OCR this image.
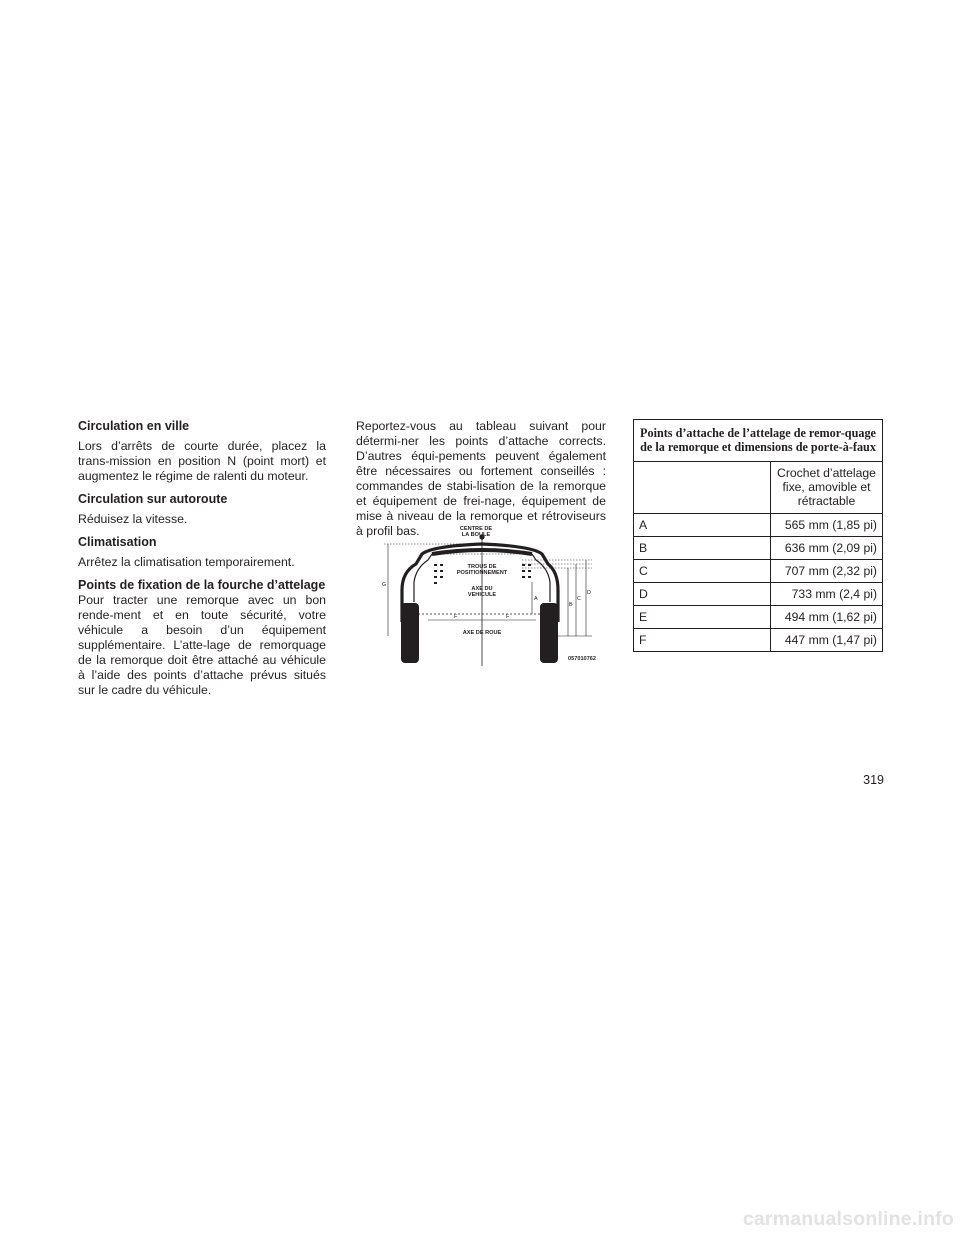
Circulation en ville

Lors d’arrêts de courte durée, placez la trans-mission en position N (point mort) et augmentez le régime de ralenti du moteur.

Circulation sur autoroute

Réduisez la vitesse.

Climatisation

Arrêtez la climatisation temporairement.

Points de fixation de la fourche d’attelage

Pour tracter une remorque avec un bon rende-ment et en toute sécurité, votre véhicule a besoin d’un équipement supplémentaire. L’atte-lage de remorquage de la remorque doit être attaché au véhicule à l’aide des points d’attache prévus situés sur le cadre du véhicule.

Reportez-vous au tableau suivant pour détermi-ner les points d’attache corrects. D’autres équi-pements peuvent également être nécessaires ou fortement conseillés : commandes de stabi-lisation de la remorque et équipement de frei-nage, équipement de mise à niveau de la remorque et rétroviseurs à profil bas.	CENTRE DE
LA BOULE
TROUS DE
POSITIONNEMENT
AXE DU
VEHICULE
AXE DE ROUE
G
A
B
C
D
F	F
057010762
Points d’attache de l’attelage de remor-quage de la remorque et dimensions de porte-à-faux	
	Crochet d’attelage fixe, amovible et rétractable
A	565 mm (1,85 pi)
B	636 mm (2,09 pi)
C	707 mm (2,32 pi)
D	733 mm (2,4 pi)
E	494 mm (1,62 pi)
F	447 mm (1,47 pi)
319
carmanualsonline.info
